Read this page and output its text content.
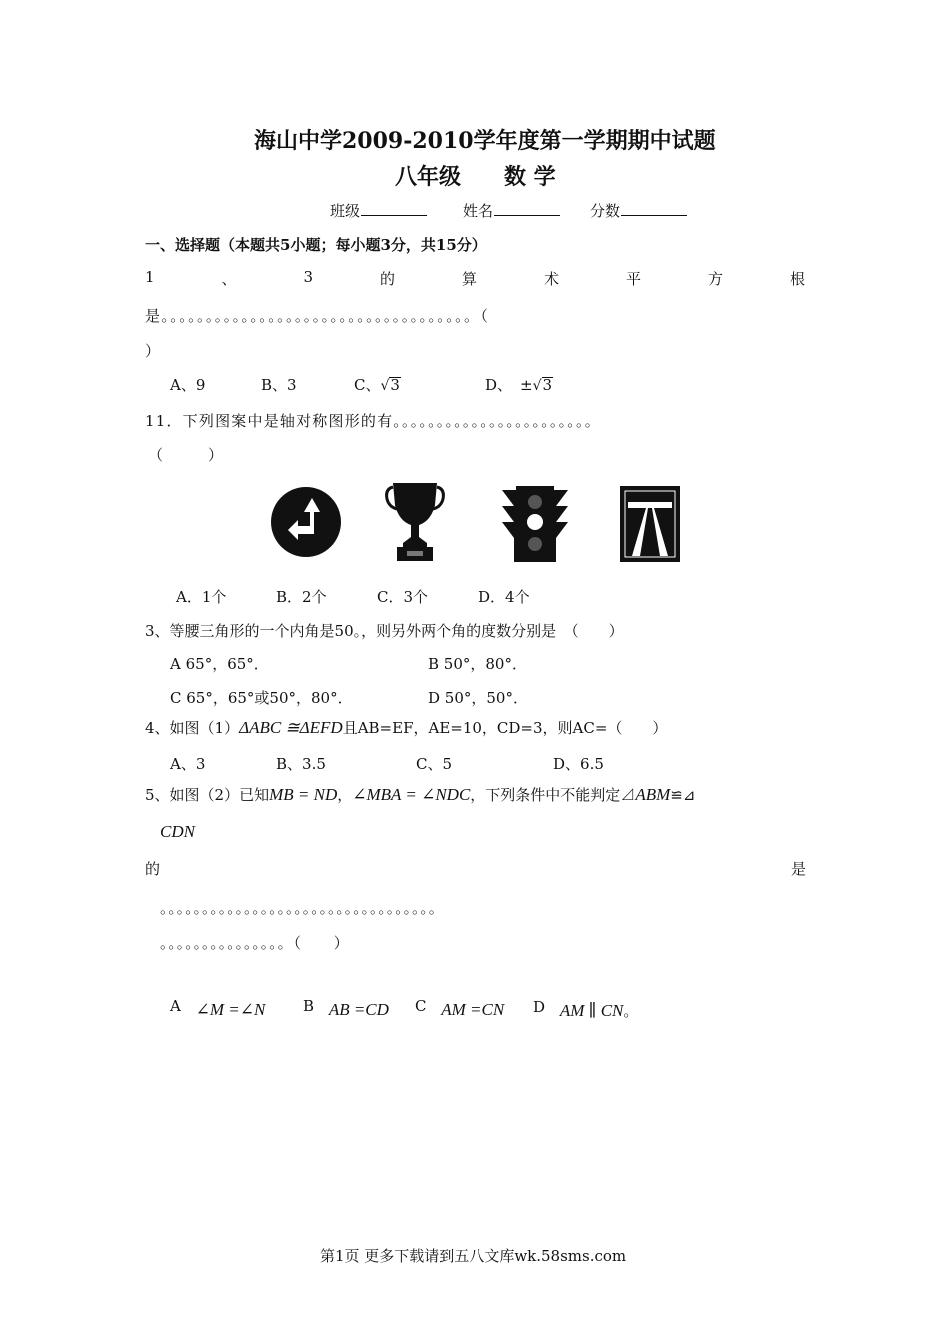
海山中学2009-2010学年度第一学期期中试题
八年级 数 学
班级	姓名	分数
一、选择题（本题共5小题；每小题3分，共15分）
1	、	3	的	算	术	平	方	根
是。。。。。。。。。。。。。。。。。。。。。。。。。。。。。。。。。。。（
）
A、9	B、3	C、√3	D、 ±√3
11．下列图案中是轴对称图形的有。。。。。。。。。。。。。。。。。。。。。。。
（　　　）
A．1个	B．2个	C．3个	D．4个
3、等腰三角形的一个内角是50。，则另外两个角的度数分别是　（　　）
A 65°，65°．	B 50°，80°．
C 65°，65°或50°，80°．	D 50°，50°．
4、如图（1）ΔABC ≅ΔEFD且AB=EF，AE=10，CD=3，则AC=（　　）
A、3	B、3.5	C、5	D、6.5
5、如图（2）已知MB = ND，∠MBA = ∠NDC，下列条件中不能判定⊿ABM≌⊿
CDN
的	是
。。。。。。。。。。。。。。。。。。。。。。。。。。。。。。。。。
。。。。。。。。。。。。。。。（　　）
A ∠M =∠N	B AB =CD C AM =CN D AM ∥ CN。
第1页 更多下载请到五八文库wk.58sms.com
